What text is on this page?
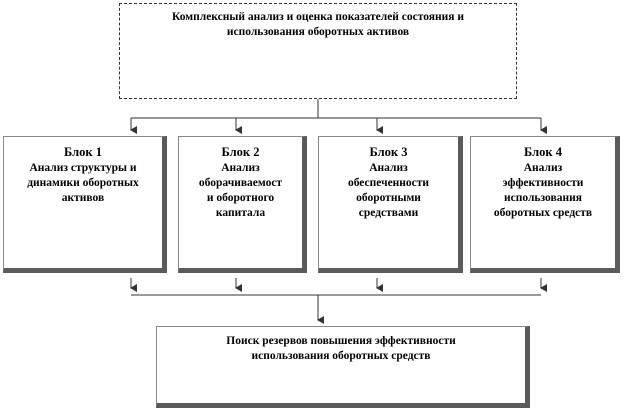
Комплексный анализ и оценка показателей состояния и
использования оборотных активов
Блок 1
Анализ структуры и
динамики оборотных
активов
Блок 2
Анализ
оборачиваемост
и оборотного
капитала
Блок 3
Анализ
обеспеченности
оборотными
средствами
Блок 4
Анализ
эффективности
использования
оборотных средств
Поиск резервов повышения эффективности
использования оборотных средств
